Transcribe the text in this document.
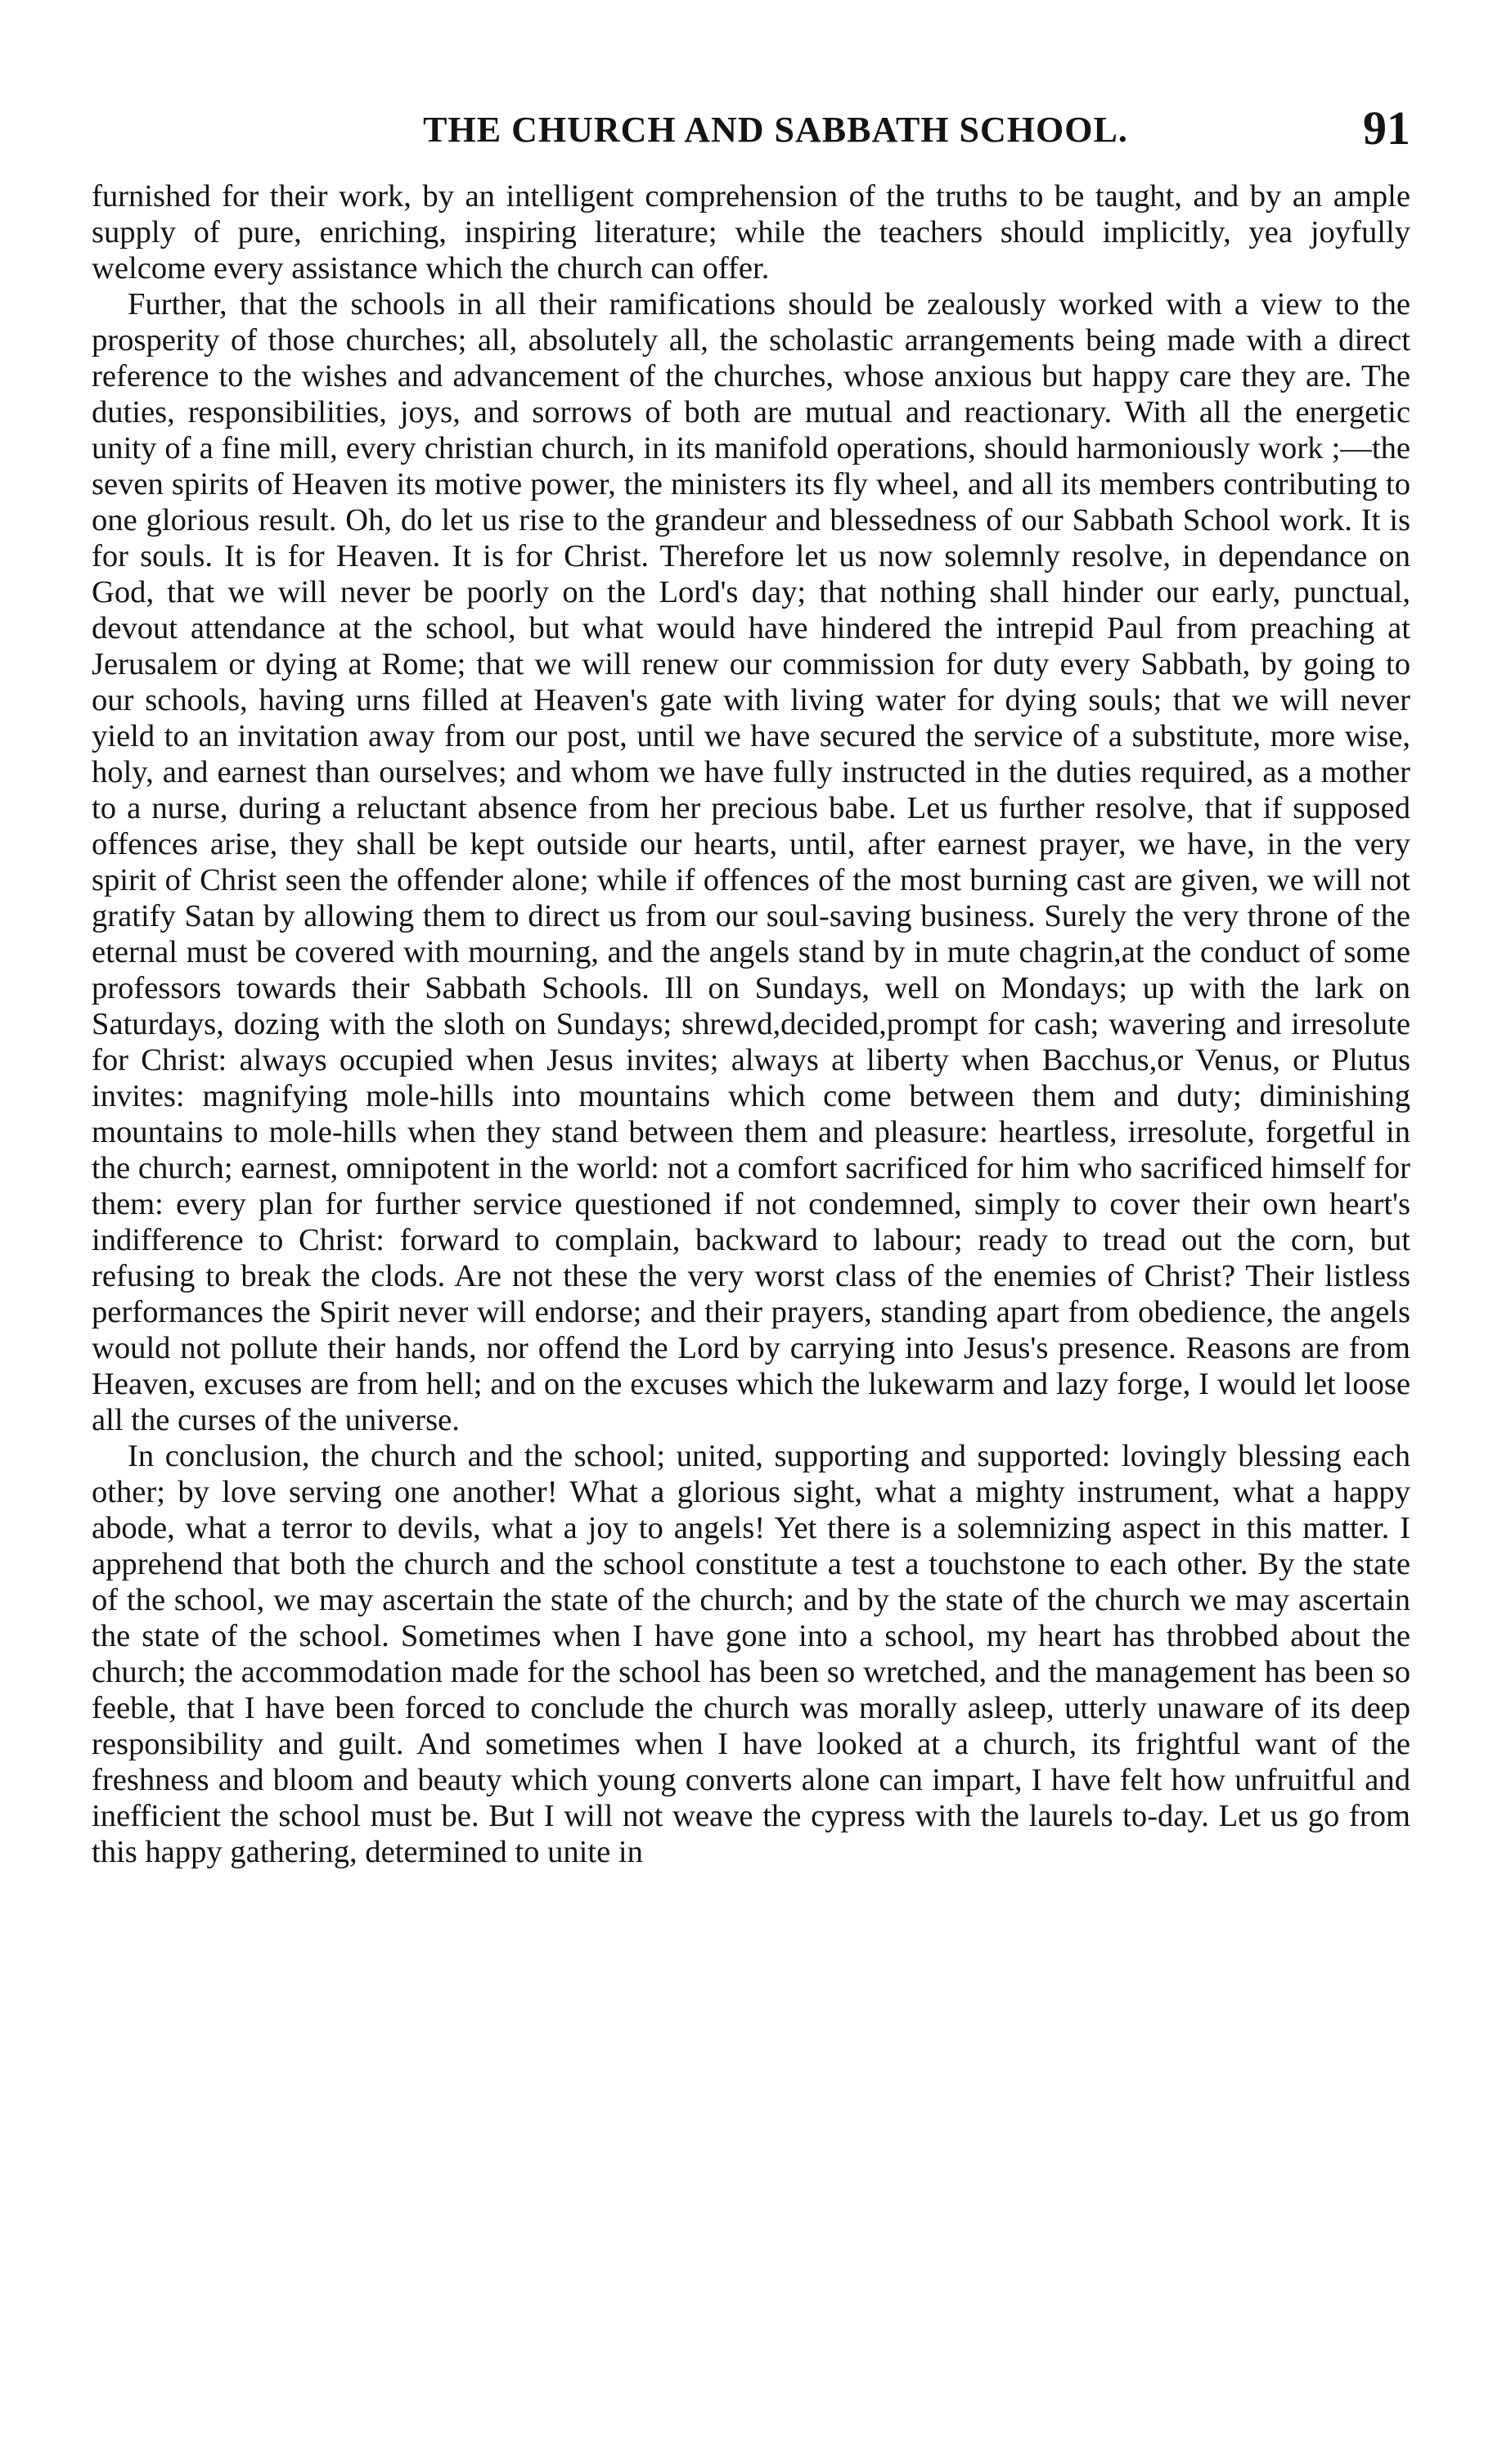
THE CHURCH AND SABBATH SCHOOL.	91

furnished for their work, by an intelligent comprehension of the truths to be taught, and by an ample supply of pure, enriching, inspiring literature; while the teachers should implicitly, yea joyfully welcome every assistance which the church can offer.

Further, that the schools in all their ramifications should be zealously worked with a view to the prosperity of those churches; all, absolutely all, the scholastic arrangements being made with a direct reference to the wishes and advancement of the churches, whose anxious but happy care they are. The duties, responsibilities, joys, and sorrows of both are mutual and reactionary. With all the energetic unity of a fine mill, every christian church, in its manifold operations, should harmoniously work ;—the seven spirits of Heaven its motive power, the ministers its fly wheel, and all its members contributing to one glorious result. Oh, do let us rise to the grandeur and blessedness of our Sabbath School work. It is for souls. It is for Heaven. It is for Christ. Therefore let us now solemnly resolve, in dependance on God, that we will never be poorly on the Lord's day; that nothing shall hinder our early, punctual, devout attendance at the school, but what would have hindered the intrepid Paul from preaching at Jerusalem or dying at Rome; that we will renew our commission for duty every Sabbath, by going to our schools, having urns filled at Heaven's gate with living water for dying souls; that we will never yield to an invitation away from our post, until we have secured the service of a substitute, more wise, holy, and earnest than ourselves; and whom we have fully instructed in the duties required, as a mother to a nurse, during a reluctant absence from her precious babe. Let us further resolve, that if supposed offences arise, they shall be kept outside our hearts, until, after earnest prayer, we have, in the very spirit of Christ seen the offender alone; while if offences of the most burning cast are given, we will not gratify Satan by allowing them to direct us from our soul-saving business. Surely the very throne of the eternal must be covered with mourning, and the angels stand by in mute chagrin,at the conduct of some professors towards their Sabbath Schools. Ill on Sundays, well on Mondays; up with the lark on Saturdays, dozing with the sloth on Sundays; shrewd,decided,prompt for cash; wavering and irresolute for Christ: always occupied when Jesus invites; always at liberty when Bacchus,or Venus, or Plutus invites: magnifying mole-hills into mountains which come between them and duty; diminishing mountains to mole-hills when they stand between them and pleasure: heartless, irresolute, forgetful in the church; earnest, omnipotent in the world: not a comfort sacrificed for him who sacrificed himself for them: every plan for further service questioned if not condemned, simply to cover their own heart's indifference to Christ: forward to complain, backward to labour; ready to tread out the corn, but refusing to break the clods. Are not these the very worst class of the enemies of Christ? Their listless performances the Spirit never will endorse; and their prayers, standing apart from obedience, the angels would not pollute their hands, nor offend the Lord by carrying into Jesus's presence. Reasons are from Heaven, excuses are from hell; and on the excuses which the lukewarm and lazy forge, I would let loose all the curses of the universe.

In conclusion, the church and the school; united, supporting and supported: lovingly blessing each other; by love serving one another! What a glorious sight, what a mighty instrument, what a happy abode, what a terror to devils, what a joy to angels! Yet there is a solemnizing aspect in this matter. I apprehend that both the church and the school constitute a test a touchstone to each other. By the state of the school, we may ascertain the state of the church; and by the state of the church we may ascertain the state of the school. Sometimes when I have gone into a school, my heart has throbbed about the church; the accommodation made for the school has been so wretched, and the management has been so feeble, that I have been forced to conclude the church was morally asleep, utterly unaware of its deep responsibility and guilt. And sometimes when I have looked at a church, its frightful want of the freshness and bloom and beauty which young converts alone can impart, I have felt how unfruitful and inefficient the school must be. But I will not weave the cypress with the laurels to-day. Let us go from this happy gathering, determined to unite in
